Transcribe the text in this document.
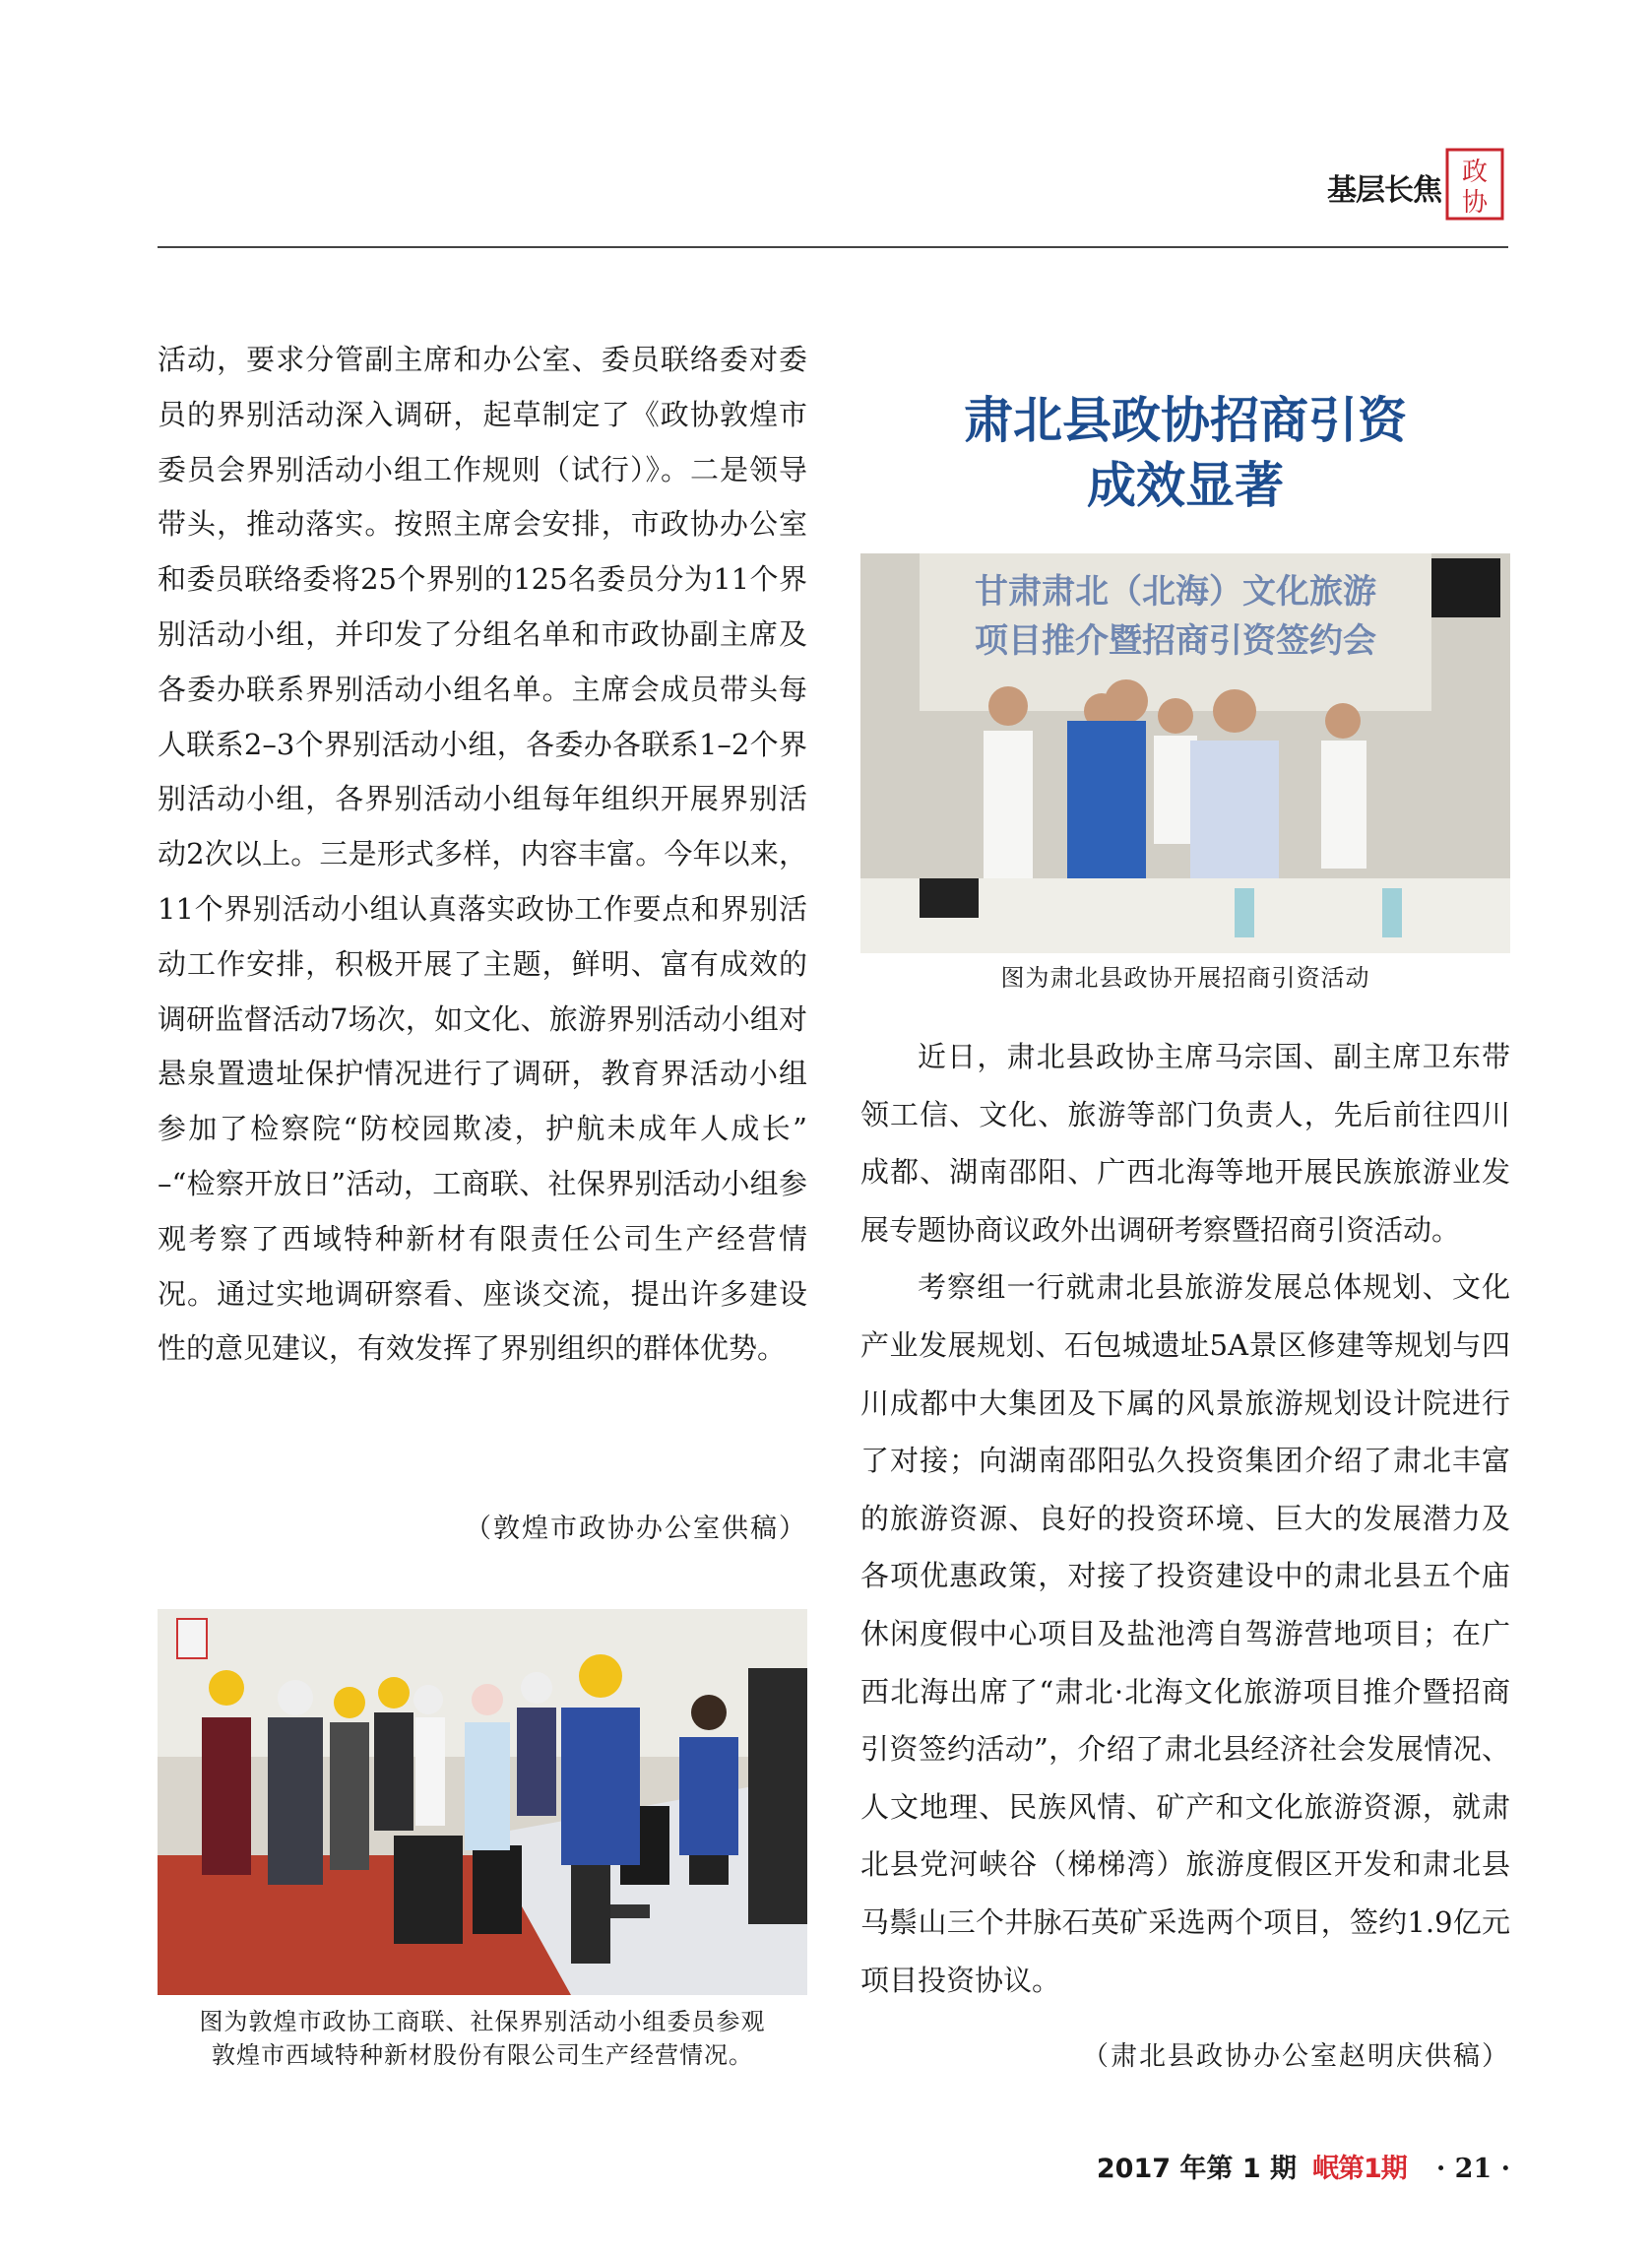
基层长焦
政
协

活动，要求分管副主席和办公室、委员联络委对委员的界别活动深入调研，起草制定了《政协敦煌市委员会界别活动小组工作规则（试行）》。二是领导带头，推动落实。按照主席会安排，市政协办公室和委员联络委将25个界别的125名委员分为11个界别活动小组，并印发了分组名单和市政协副主席及各委办联系界别活动小组名单。主席会成员带头每人联系2–3个界别活动小组，各委办各联系1–2个界别活动小组，各界别活动小组每年组织开展界别活动2次以上。三是形式多样，内容丰富。今年以来，11个界别活动小组认真落实政协工作要点和界别活动工作安排，积极开展了主题，鲜明、富有成效的调研监督活动7场次，如文化、旅游界别活动小组对悬泉置遗址保护情况进行了调研，教育界活动小组参加了检察院“防校园欺凌，护航未成年人成长” –“检察开放日”活动，工商联、社保界别活动小组参观考察了西域特种新材有限责任公司生产经营情况。通过实地调研察看、座谈交流，提出许多建设性的意见建议，有效发挥了界别组织的群体优势。

（敦煌市政协办公室供稿）
图为敦煌市政协工商联、社保界别活动小组委员参观
敦煌市西域特种新材股份有限公司生产经营情况。
肃北县政协招商引资
成效显著
甘肃肃北（北海）文化旅游
项目推介暨招商引资签约会
图为肃北县政协开展招商引资活动

近日，肃北县政协主席马宗国、副主席卫东带领工信、文化、旅游等部门负责人，先后前往四川成都、湖南邵阳、广西北海等地开展民族旅游业发展专题协商议政外出调研考察暨招商引资活动。

考察组一行就肃北县旅游发展总体规划、文化产业发展规划、石包城遗址5A景区修建等规划与四川成都中大集团及下属的风景旅游规划设计院进行了对接；向湖南邵阳弘久投资集团介绍了肃北丰富的旅游资源、良好的投资环境、巨大的发展潜力及各项优惠政策，对接了投资建设中的肃北县五个庙休闲度假中心项目及盐池湾自驾游营地项目；在广西北海出席了“肃北·北海文化旅游项目推介暨招商引资签约活动”，介绍了肃北县经济社会发展情况、人文地理、民族风情、矿产和文化旅游资源，就肃北县党河峡谷（梯梯湾）旅游度假区开发和肃北县马鬃山三个井脉石英矿采选两个项目，签约1.9亿元项目投资协议。

（肃北县政协办公室赵明庆供稿）
2017 年第 1 期 岷第1期 · 21 ·
